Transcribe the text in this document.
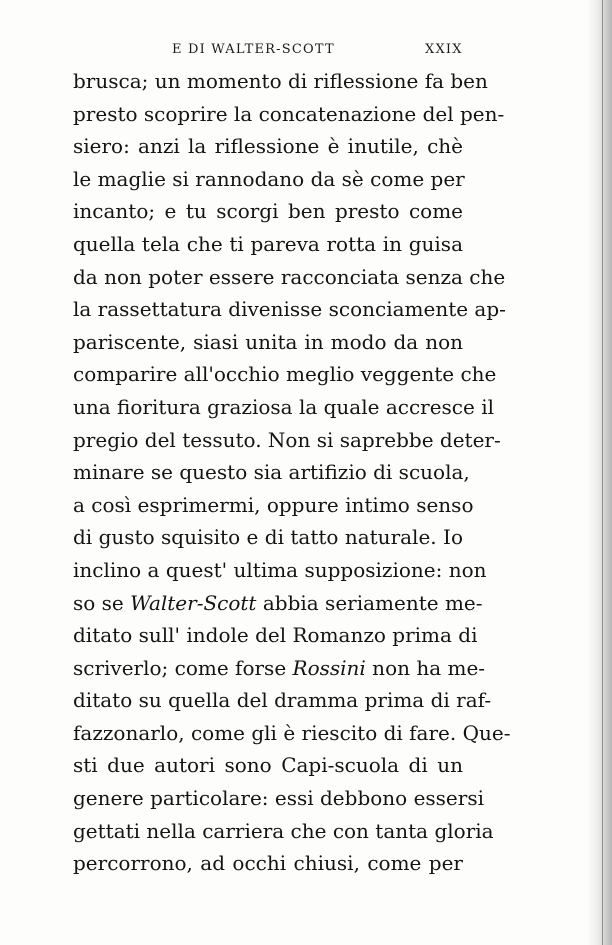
E DI WALTER-SCOTT	XXIX
brusca; un momento di riflessione fa ben
presto scoprire la concatenazione del pen-
siero: anzi la riflessione è inutile, chè
le maglie si rannodano da sè come per
incanto; e tu scorgi ben presto come
quella tela che ti pareva rotta in guisa
da non poter essere racconciata senza che
la rassettatura divenisse sconciamente ap-
pariscente, siasi unita in modo da non
comparire all'occhio meglio veggente che
una fioritura graziosa la quale accresce il
pregio del tessuto. Non si saprebbe deter-
minare se questo sia artifizio di scuola,
a così esprimermi, oppure intimo senso
di gusto squisito e di tatto naturale. Io
inclino a quest' ultima supposizione: non
so se Walter-Scott abbia seriamente me-
ditato sull' indole del Romanzo prima di
scriverlo; come forse Rossini non ha me-
ditato su quella del dramma prima di raf-
fazzonarlo, come gli è riescito di fare. Que-
sti due autori sono Capi-scuola di un
genere particolare: essi debbono essersi
gettati nella carriera che con tanta gloria
percorrono, ad occhi chiusi, come per
